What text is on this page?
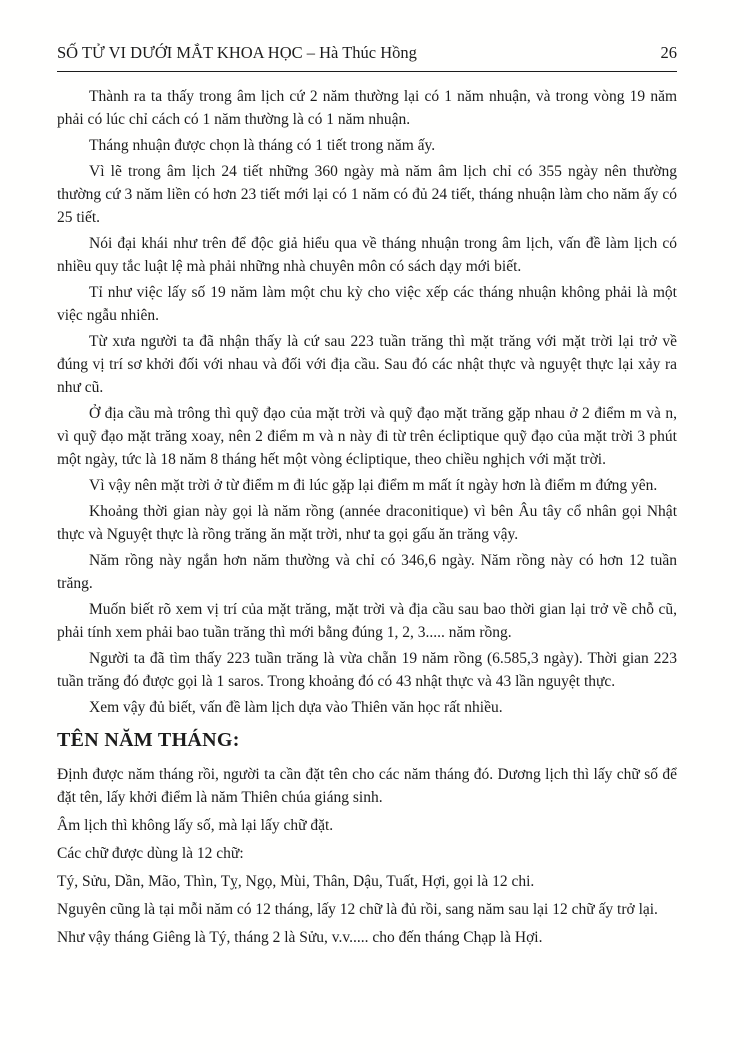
SỐ TỬ VI DƯỚI MẮT KHOA HỌC – Hà Thúc Hồng	26

Thành ra ta thấy trong âm lịch cứ 2 năm thường lại có 1 năm nhuận, và trong vòng 19 năm phải có lúc chỉ cách có 1 năm thường là có 1 năm nhuận.

Tháng nhuận được chọn là tháng có 1 tiết trong năm ấy.

Vì lẽ trong âm lịch 24 tiết những 360 ngày mà năm âm lịch chỉ có 355 ngày nên thường thường cứ 3 năm liền có hơn 23 tiết mới lại có 1 năm có đủ 24 tiết, tháng nhuận làm cho năm ấy có 25 tiết.

Nói đại khái như trên để độc giả hiểu qua về tháng nhuận trong âm lịch, vấn đề làm lịch có nhiều quy tắc luật lệ mà phải những nhà chuyên môn có sách dạy mới biết.

Tỉ như việc lấy số 19 năm làm một chu kỳ cho việc xếp các tháng nhuận không phải là một việc ngẫu nhiên.

Từ xưa người ta đã nhận thấy là cứ sau 223 tuần trăng thì mặt trăng với mặt trời lại trở về đúng vị trí sơ khởi đối với nhau và đối với địa cầu. Sau đó các nhật thực và nguyệt thực lại xảy ra như cũ.

Ở địa cầu mà trông thì quỹ đạo của mặt trời và quỹ đạo mặt trăng gặp nhau ở 2 điểm m và n, vì quỹ đạo mặt trăng xoay, nên 2 điểm m và n này đi từ trên écliptique quỹ đạo của mặt trời 3 phút một ngày, tức là 18 năm 8 tháng hết một vòng écliptique, theo chiều nghịch với mặt trời.

Vì vậy nên mặt trời ở từ điểm m đi lúc gặp lại điểm m mất ít ngày hơn là điểm m đứng yên.

Khoảng thời gian này gọi là năm rồng (année draconitique) vì bên Âu tây cổ nhân gọi Nhật thực và Nguyệt thực là rồng trăng ăn mặt trời, như ta gọi gấu ăn trăng vậy.

Năm rồng này ngắn hơn năm thường và chỉ có 346,6 ngày. Năm rồng này có hơn 12 tuần trăng.

Muốn biết rõ xem vị trí của mặt trăng, mặt trời và địa cầu sau bao thời gian lại trở về chỗ cũ, phải tính xem phải bao tuần trăng thì mới bằng đúng 1, 2, 3..... năm rồng.

Người ta đã tìm thấy 223 tuần trăng là vừa chẵn 19 năm rồng (6.585,3 ngày). Thời gian 223 tuần trăng đó được gọi là 1 saros. Trong khoảng đó có 43 nhật thực và 43 lần nguyệt thực.

Xem vậy đủ biết, vấn đề làm lịch dựa vào Thiên văn học rất nhiều.

TÊN NĂM THÁNG:

Định được năm tháng rồi, người ta cần đặt tên cho các năm tháng đó. Dương lịch thì lấy chữ số để đặt tên, lấy khởi điểm là năm Thiên chúa giáng sinh.

Âm lịch thì không lấy số, mà lại lấy chữ đặt.

Các chữ được dùng là 12 chữ:

Tý, Sửu, Dần, Mão, Thìn, Tỵ, Ngọ, Mùi, Thân, Dậu, Tuất, Hợi, gọi là 12 chi.

Nguyên cũng là tại mỗi năm có 12 tháng, lấy 12 chữ là đủ rồi, sang năm sau lại 12 chữ ấy trở lại.

Như vậy tháng Giêng là Tý, tháng 2 là Sửu, v.v..... cho đến tháng Chạp là Hợi.
